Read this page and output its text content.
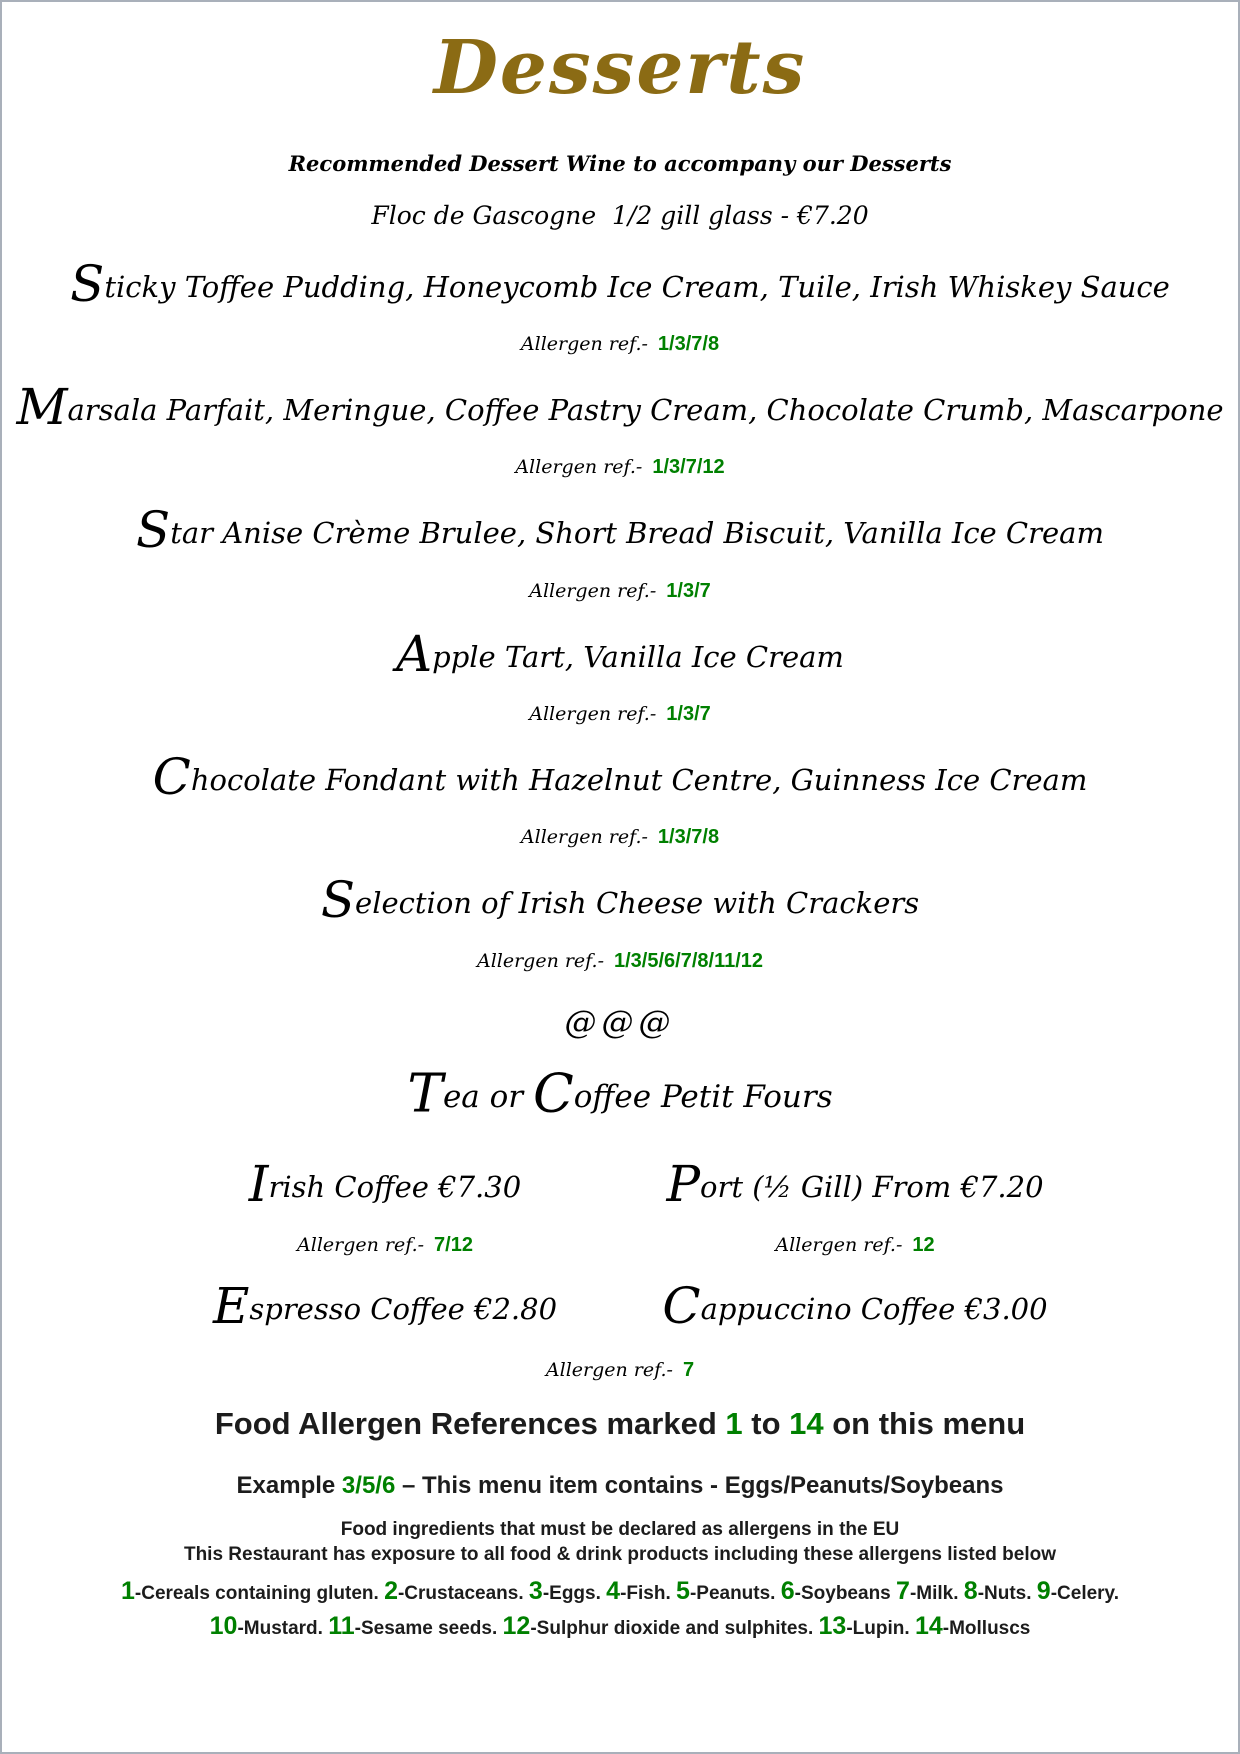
Desserts
Recommended Dessert Wine to accompany our Desserts
Floc de Gascogne  1/2 gill glass - €7.20
Sticky Toffee Pudding, Honeycomb Ice Cream, Tuile, Irish Whiskey Sauce
Allergen ref.- 1/3/7/8
Marsala Parfait, Meringue, Coffee Pastry Cream, Chocolate Crumb, Mascarpone
Allergen ref.- 1/3/7/12
Star Anise Crème Brulee, Short Bread Biscuit, Vanilla Ice Cream
Allergen ref.- 1/3/7
Apple Tart, Vanilla Ice Cream
Allergen ref.- 1/3/7
Chocolate Fondant with Hazelnut Centre, Guinness Ice Cream
Allergen ref.- 1/3/7/8
Selection of Irish Cheese with Crackers
Allergen ref.- 1/3/5/6/7/8/11/12
@@@
Tea or Coffee Petit Fours
Irish Coffee €7.30	Port (½ Gill) From €7.20
Allergen ref.- 7/12	Allergen ref.- 12
Espresso Coffee €2.80	Cappuccino Coffee €3.00
Allergen ref.- 7
Food Allergen References marked 1 to 14 on this menu
Example 3/5/6 – This menu item contains - Eggs/Peanuts/Soybeans
Food ingredients that must be declared as allergens in the EU
This Restaurant has exposure to all food & drink products including these allergens listed below
1-Cereals containing gluten. 2-Crustaceans. 3-Eggs. 4-Fish. 5-Peanuts. 6-Soybeans 7-Milk. 8-Nuts. 9-Celery.
10-Mustard. 11-Sesame seeds. 12-Sulphur dioxide and sulphites. 13-Lupin. 14-Molluscs
